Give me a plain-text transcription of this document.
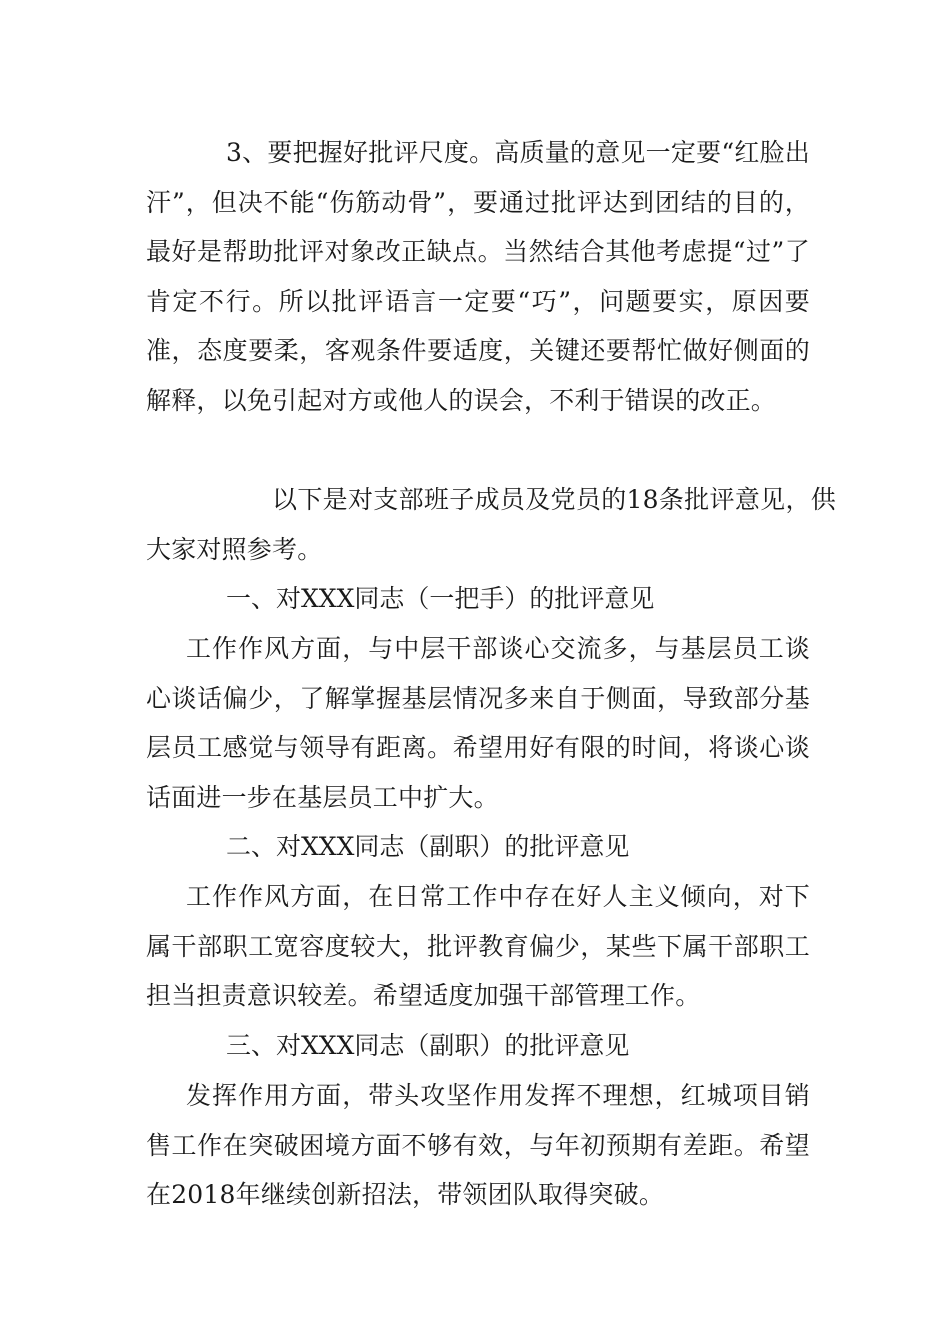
3、要把握好批评尺度。高质量的意见一定要“红脸出汗”，但决不能“伤筋动骨”，要通过批评达到团结的目的，最好是帮助批评对象改正缺点。当然结合其他考虑提“过”了肯定不行。所以批评语言一定要“巧”，问题要实，原因要准，态度要柔，客观条件要适度，关键还要帮忙做好侧面的解释，以免引起对方或他人的误会，不利于错误的改正。

以下是对支部班子成员及党员的18条批评意见，供大家对照参考。

一、对XXX同志（一把手）的批评意见

工作作风方面，与中层干部谈心交流多，与基层员工谈心谈话偏少，了解掌握基层情况多来自于侧面，导致部分基层员工感觉与领导有距离。希望用好有限的时间，将谈心谈话面进一步在基层员工中扩大。

二、对XXX同志（副职）的批评意见

工作作风方面，在日常工作中存在好人主义倾向，对下属干部职工宽容度较大，批评教育偏少，某些下属干部职工担当担责意识较差。希望适度加强干部管理工作。

三、对XXX同志（副职）的批评意见

发挥作用方面，带头攻坚作用发挥不理想，红城项目销售工作在突破困境方面不够有效，与年初预期有差距。希望在2018年继续创新招法，带领团队取得突破。
